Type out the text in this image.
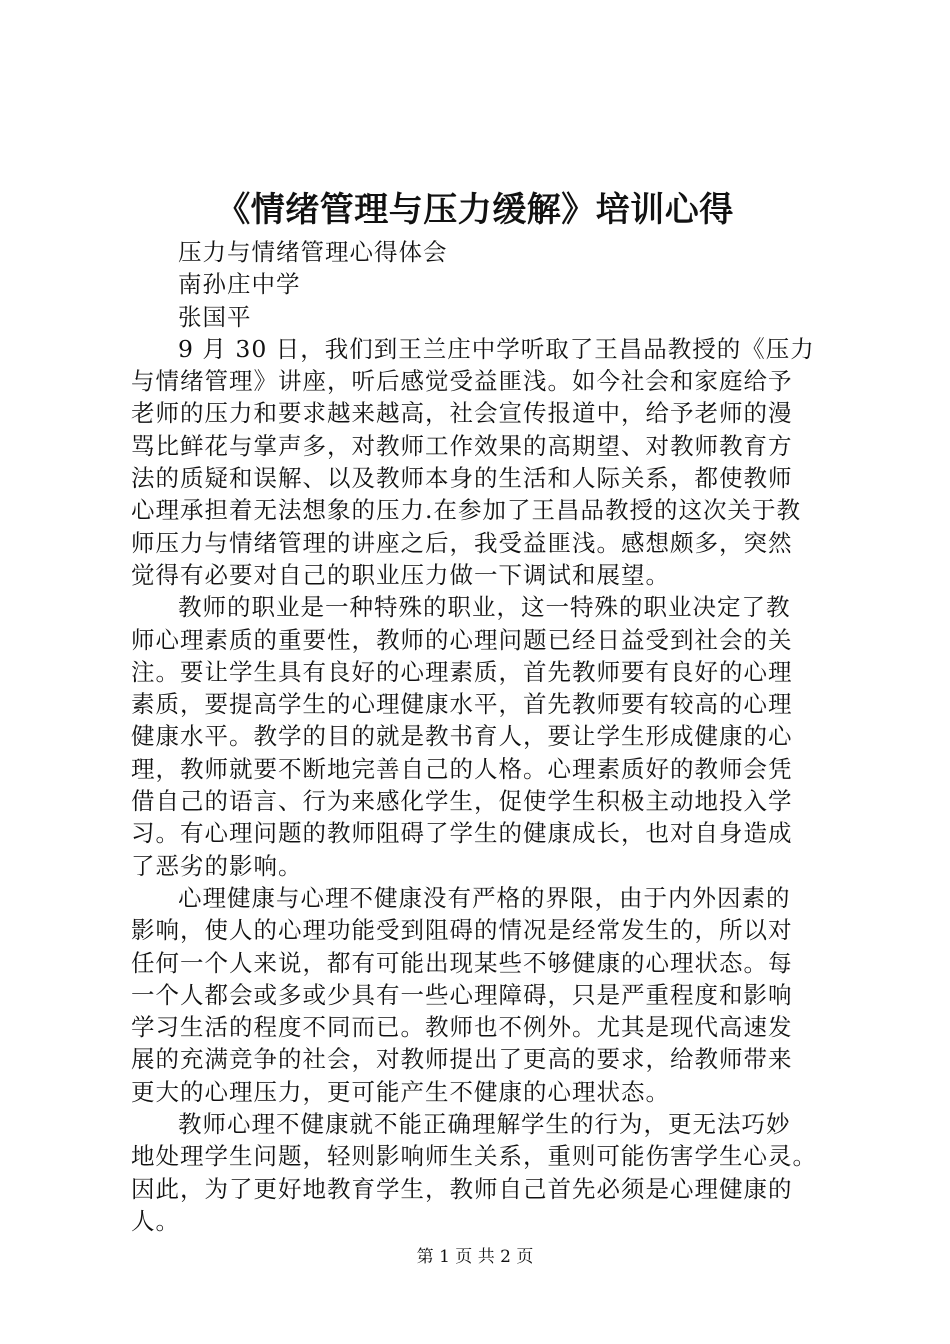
《情绪管理与压力缓解》培训心得

压力与情绪管理心得体会

南孙庄中学

张国平

9 月 30 日，我们到王兰庄中学听取了王昌品教授的《压力

与情绪管理》讲座，听后感觉受益匪浅。如今社会和家庭给予

老师的压力和要求越来越高，社会宣传报道中，给予老师的漫

骂比鲜花与掌声多，对教师工作效果的高期望、对教师教育方

法的质疑和误解、以及教师本身的生活和人际关系，都使教师

心理承担着无法想象的压力.在参加了王昌品教授的这次关于教

师压力与情绪管理的讲座之后，我受益匪浅。感想颇多，突然

觉得有必要对自己的职业压力做一下调试和展望。

教师的职业是一种特殊的职业，这一特殊的职业决定了教

师心理素质的重要性，教师的心理问题已经日益受到社会的关

注。要让学生具有良好的心理素质，首先教师要有良好的心理

素质，要提高学生的心理健康水平，首先教师要有较高的心理

健康水平。教学的目的就是教书育人，要让学生形成健康的心

理，教师就要不断地完善自己的人格。心理素质好的教师会凭

借自己的语言、行为来感化学生，促使学生积极主动地投入学

习。有心理问题的教师阻碍了学生的健康成长，也对自身造成

了恶劣的影响。

心理健康与心理不健康没有严格的界限，由于内外因素的

影响，使人的心理功能受到阻碍的情况是经常发生的，所以对

任何一个人来说，都有可能出现某些不够健康的心理状态。每

一个人都会或多或少具有一些心理障碍，只是严重程度和影响

学习生活的程度不同而已。教师也不例外。尤其是现代高速发

展的充满竞争的社会，对教师提出了更高的要求，给教师带来

更大的心理压力，更可能产生不健康的心理状态。

教师心理不健康就不能正确理解学生的行为，更无法巧妙

地处理学生问题，轻则影响师生关系，重则可能伤害学生心灵。

因此，为了更好地教育学生，教师自己首先必须是心理健康的

人。

第 1 页 共 2 页
